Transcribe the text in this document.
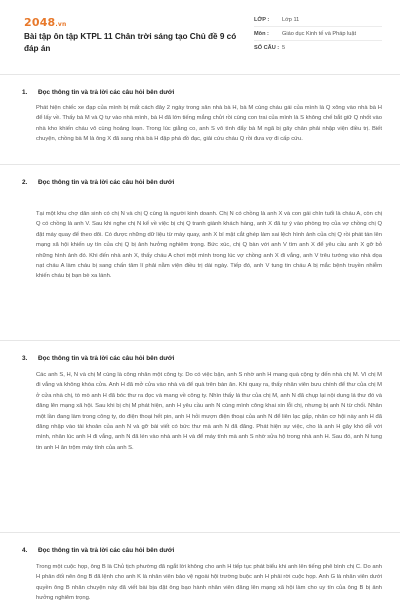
2048.vn
Bài tập ôn tập KTPL 11 Chân trời sáng tạo Chủ đề 9 có đáp án
LỚP :	Lớp 11
Môn :	Giáo dục Kinh tế và Pháp luật
SỐ CÂU : 5
1.	Đọc thông tin và trả lời các câu hỏi bên dưới
Phát hiện chiếc xe đạp của mình bị mất cách đây 2 ngày trong sân nhà bà H, bà M cùng cháu gái của mình là Q xông vào nhà bà H để lấy về. Thấy bà M và Q tự vào nhà mình, bà H đã lớn tiếng mắng chửi rồi cùng con trai của mình là S không chế bắt giữ Q nhốt vào nhà kho khiến cháu vô cùng hoảng loạn. Trong lúc giằng co, anh S vô tình đẩy bà M ngã bị gãy chân phải nhập viện điều trị. Biết chuyện, chồng bà M là ông X đã sang nhà bà H đập phá đồ đạc, giải cứu cháu Q rồi đưa vợ đi cấp cứu.
2.	Đọc thông tin và trả lời các câu hỏi bên dưới
Tại một khu chợ dân sinh có chị N và chị Q cùng là người kinh doanh. Chị N có chồng là anh X và con gái chín tuổi là cháu A, còn chị Q có chồng là anh V. Sau khi nghe chị N kể về việc bị chị Q tranh giành khách hàng, anh X đã tự ý vào phòng trọ của vợ chồng chị Q đặt máy quay để theo dõi. Có được những dữ liệu từ máy quay, anh X bí mật cắt ghép làm sai lệch hình ảnh của chị Q rồi phát tán lên mạng xã hội khiến uy tín của chị Q bị ảnh hưởng nghiêm trọng. Bức xúc, chị Q bàn với anh V tìm anh X để yêu cầu anh X gỡ bỏ những hình ảnh đó. Khi đến nhà anh X, thấy cháu A chơi một mình trong lúc vợ chồng anh X đi vắng, anh V trêu tướng vào nhà dọa nạt cháu A làm cháu bị sang chấn tâm lí phải nằm viện điều trị dài ngày. Tiếp đó, anh V tung tin cháu A bị mắc bệnh truyền nhiễm khiến cháu bị bạn bè xa lánh.
3.	Đọc thông tin và trả lời các câu hỏi bên dưới
Các anh S, H, N và chị M cùng là công nhân một công ty. Do có việc bận, anh S nhờ anh H mang quà cộng ty đến nhà chị M. Vì chị M đi vắng và không khóa cửa. Anh H đã mở cửa vào nhà và để quà trên bàn ăn. Khi quay ra, thấy nhân viên bưu chính để thư của chị M ở cửa nhà chị, tò mò anh H đã bóc thư ra đọc và mang về công ty. Nhìn thấy lá thư của chị M, anh N đã chụp lại nội dung lá thư đó và đăng lên mạng xã hội. Sau khi bị chị M phát hiện, anh H yêu cầu anh N cùng mình công khai xin lỗi chị, nhưng bị anh N từ chối. Nhân một lần đang làm trong công ty, do điện thoại hết pin, anh H hỏi mượn điện thoại của anh N để liên lạc gấp, nhân cơ hội này anh H đã đăng nhập vào tài khoản của anh N và gỡ bài viết có bức thư mà anh N đã đăng. Phát hiện sự việc, cho là anh H gây khó dễ với mình, nhân lúc anh H đi vắng, anh N đã lén vào nhà anh H và để máy tính mà anh S nhờ sửa hộ trong nhà anh H. Sau đó, anh N tung tin anh H ăn trộm máy tính của anh S.
4.	Đọc thông tin và trả lời các câu hỏi bên dưới
Trong một cuộc họp, ông B là Chủ tịch phường đã ngắt lời không cho anh H tiếp tục phát biểu khi anh lên tiếng phê bình chị C. Do anh H phản đối nên ông B đã lệnh cho anh K là nhân viên bảo vệ ngoài hội trường buộc anh H phải rời cuộc họp. Anh G là nhân viên dưới quyền ông B nhân chuyện này đã viết bài bịa đặt ông bạo hành nhân viên đăng lên mạng xã hội làm cho uy tín của ông B bị ảnh hưởng nghiêm trọng.
